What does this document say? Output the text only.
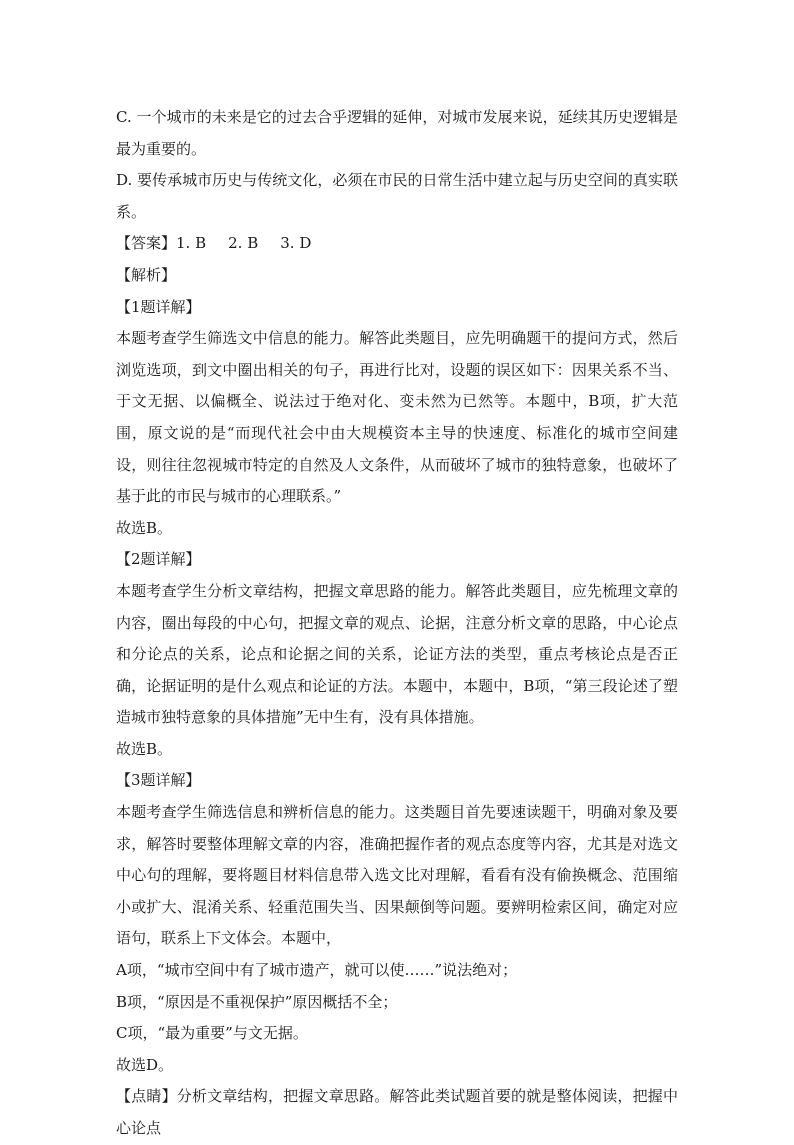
C. 一个城市的未来是它的过去合乎逻辑的延伸，对城市发展来说，延续其历史逻辑是最为重要的。

D. 要传承城市历史与传统文化，必须在市民的日常生活中建立起与历史空间的真实联系。

【答案】1. B 2. B 3. D

【解析】

【1题详解】

本题考查学生筛选文中信息的能力。解答此类题目，应先明确题干的提问方式，然后浏览选项，到文中圈出相关的句子，再进行比对，设题的误区如下：因果关系不当、于文无据、以偏概全、说法过于绝对化、变未然为已然等。本题中，B项，扩大范围，原文说的是“而现代社会中由大规模资本主导的快速度、标准化的城市空间建设，则往往忽视城市特定的自然及人文条件，从而破坏了城市的独特意象，也破坏了基于此的市民与城市的心理联系。”

故选B。

【2题详解】

本题考查学生分析文章结构，把握文章思路的能力。解答此类题目，应先梳理文章的内容，圈出每段的中心句，把握文章的观点、论据，注意分析文章的思路，中心论点和分论点的关系，论点和论据之间的关系，论证方法的类型，重点考核论点是否正确，论据证明的是什么观点和论证的方法。本题中，本题中，B项，“第三段论述了塑造城市独特意象的具体措施”无中生有，没有具体措施。

故选B。

【3题详解】

本题考查学生筛选信息和辨析信息的能力。这类题目首先要速读题干，明确对象及要求，解答时要整体理解文章的内容，准确把握作者的观点态度等内容，尤其是对选文中心句的理解，要将题目材料信息带入选文比对理解，看看有没有偷换概念、范围缩小或扩大、混淆关系、轻重范围失当、因果颠倒等问题。要辨明检索区间，确定对应语句，联系上下文体会。本题中，

A项，“城市空间中有了城市遗产，就可以使……”说法绝对；

B项，“原因是不重视保护”原因概括不全；

C项，“最为重要”与文无据。

故选D。

【点睛】分析文章结构，把握文章思路。解答此类试题首要的就是整体阅读，把握中心论点
